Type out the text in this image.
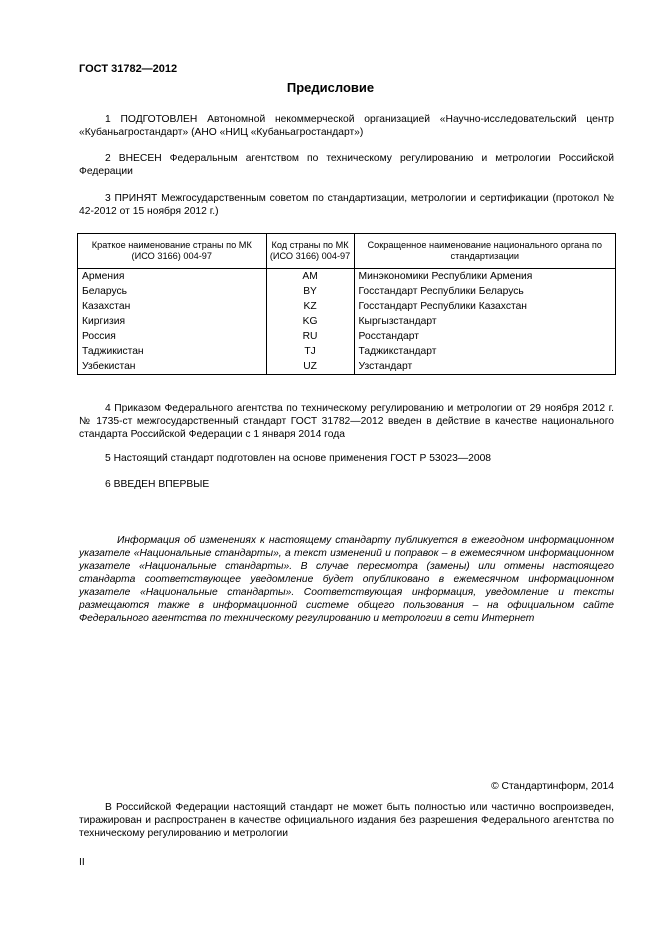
ГОСТ 31782—2012
Предисловие
1 ПОДГОТОВЛЕН Автономной некоммерческой организацией «Научно-исследовательский центр «Кубаньагростандарт» (АНО «НИЦ «Кубаньагростандарт»)
2 ВНЕСЕН Федеральным агентством по техническому регулированию и метрологии Российской Федерации
3 ПРИНЯТ Межгосударственным советом по стандартизации, метрологии и сертификации (протокол № 42-2012 от 15 ноября 2012 г.)
Краткое наименование страны по МК (ИСО 3166) 004-97	Код страны по МК (ИСО 3166) 004-97	Сокращенное наименование национального органа по стандартизации
Армения	AM	Минэкономики Республики Армения
Беларусь	BY	Госстандарт Республики Беларусь
Казахстан	KZ	Госстандарт Республики Казахстан
Киргизия	KG	Кыргызстандарт
Россия	RU	Росстандарт
Таджикистан	TJ	Таджикстандарт
Узбекистан	UZ	Узстандарт
4 Приказом Федерального агентства по техническому регулированию и метрологии от 29 ноября 2012 г. № 1735-ст межгосударственный стандарт ГОСТ 31782—2012 введен в действие в качестве национального стандарта Российской Федерации с 1 января 2014 года
5 Настоящий стандарт подготовлен на основе применения ГОСТ Р 53023—2008
6 ВВЕДЕН ВПЕРВЫЕ
Информация об изменениях к настоящему стандарту публикуется в ежегодном информационном указателе «Национальные стандарты», а текст изменений и поправок – в ежемесячном информационном указателе «Национальные стандарты». В случае пересмотра (замены) или отмены настоящего стандарта соответствующее уведомление будет опубликовано в ежемесячном информационном указателе «Национальные стандарты». Соответствующая информация, уведомление и тексты размещаются также в информационной системе общего пользования – на официальном сайте Федерального агентства по техническому регулированию и метрологии в сети Интернет
© Стандартинформ, 2014
В Российской Федерации настоящий стандарт не может быть полностью или частично воспроизведен, тиражирован и распространен в качестве официального издания без разрешения Федерального агентства по техническому регулированию и метрологии
II
